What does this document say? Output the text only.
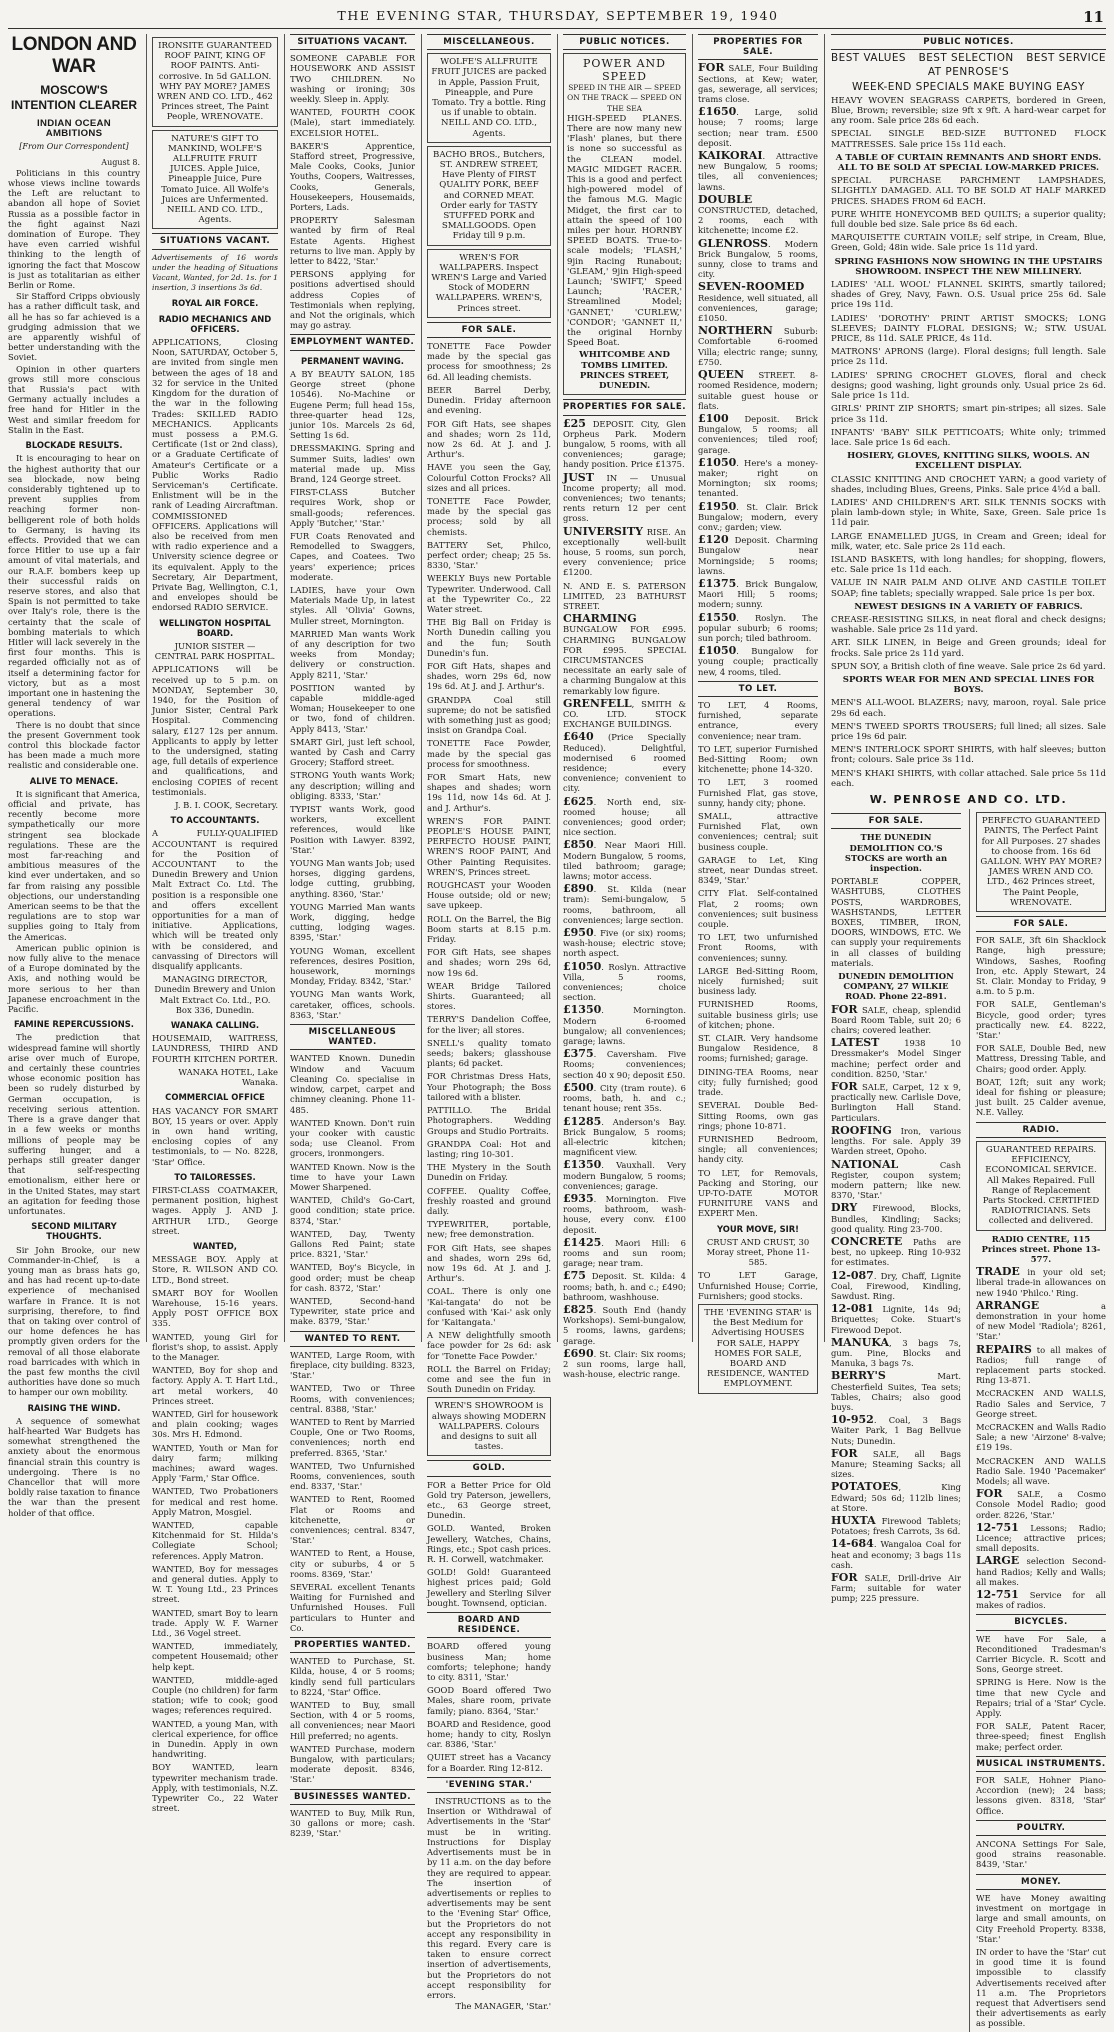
THE EVENING STAR, THURSDAY, SEPTEMBER 19, 1940	11
LONDON AND WAR
MOSCOW'S INTENTION CLEARER
INDIAN OCEAN AMBITIONS
[From Our Correspondent]
August 8.
Politicians in this country whose views incline towards the Left are reluctant to abandon all hope of Soviet Russia as a possible factor in the fight against Nazi domination of Europe. They have even carried wishful thinking to the length of ignoring the fact that Moscow is just as totalitarian as either Berlin or Rome.
Sir Stafford Cripps obviously has a rather difficult task, and all he has so far achieved is a grudging admission that we are apparently wishful of better understanding with the Soviet.
Opinion in other quarters grows still more conscious that Russia's pact with Germany actually includes a free hand for Hitler in the West and similar freedom for Stalin in the East.
BLOCKADE RESULTS.
It is encouraging to hear on the highest authority that our sea blockade, now being considerably tightened up to prevent supplies from reaching former non-belligerent role of both holds to Germany, is having its effects. Provided that we can force Hitler to use up a fair amount of vital materials, and our R.A.F. bombers keep up their successful raids on reserve stores, and also that Spain is not permitted to take over Italy's role, there is the certainty that the scale of bombing materials to which Hitler will lack severely in the first four months. This is regarded officially not as of itself a determining factor for victory, but as a most important one in hastening the general tendency of war operations.
There is no doubt that since the present Government took control this blockade factor has been made a much more realistic and considerable one.
ALIVE TO MENACE.
It is significant that America, official and private, has recently become more sympathetically our more stringent sea blockade regulations. These are the most far-reaching and ambitious measures of the kind ever undertaken, and so far from raising any possible objections, our understanding American seems to be that the regulations are to stop war supplies going to Italy from the Americas.
American public opinion is now fully alive to the menace of a Europe dominated by the Axis, and nothing would be more serious to her than Japanese encroachment in the Pacific.
FAMINE REPERCUSSIONS.
The prediction that widespread famine will shortly arise over much of Europe, and certainly these countries whose economic position has been so rudely disturbed by German occupation, is receiving serious attention. There is a grave danger that in a few weeks or months millions of people may be suffering hunger, and a perhaps still greater danger that self-respecting emotionalism, either here or in the United States, may start an agitation for feeding those unfortunates.
SECOND MILITARY THOUGHTS.
Sir John Brooke, our new Commander-in-Chief, is a young man as brass hats go, and has had recent up-to-date experience of mechanised warfare in France. It is not surprising, therefore, to find that on taking over control of our home defences he has promptly given orders for the removal of all those elaborate road barricades with which in the past few months the civil authorities have done so much to hamper our own mobility.
RAISING THE WIND.
A sequence of somewhat half-hearted War Budgets has somewhat strengthened the anxiety about the enormous financial strain this country is undergoing. There is no Chancellor that will more boldly raise taxation to finance the war than the present holder of that office.
IRONSITE GUARANTEED ROOF PAINT, KING OF ROOF PAINTS. Anti-corrosive. In 5d GALLON. WHY PAY MORE? JAMES WREN AND CO. LTD., 462 Princes street, The Paint People, WRENOVATE.
NATURE'S GIFT TO MANKIND, WOLFE'S ALLFRUITE FRUIT JUICES. Apple Juice, Pineapple Juice, Pure Tomato Juice. All Wolfe's Juices are Unfermented. NEILL AND CO. LTD., Agents.
SITUATIONS VACANT.
Advertisements of 16 words under the heading of Situations Vacant, Wanted, for 2d. 1s. for 1 insertion, 3 insertions 3s 6d.
ROYAL AIR FORCE.
RADIO MECHANICS AND OFFICERS.
APPLICATIONS, Closing Noon, SATURDAY, October 5, are invited from single men between the ages of 18 and 32 for service in the United Kingdom for the duration of the war in the following Trades: SKILLED RADIO MECHANICS. Applicants must possess a P.M.G. Certificate (1st or 2nd class), or a Graduate Certificate of Amateur's Certificate or a Public Works Radio Serviceman's Certificate. Enlistment will be in the rank of Leading Aircraftman. COMMISSIONED OFFICERS. Applications will also be received from men with radio experience and a University science degree or its equivalent. Apply to the Secretary, Air Department, Private Bag, Wellington, C.1, and envelopes should be endorsed RADIO SERVICE.
WELLINGTON HOSPITAL BOARD.
JUNIOR SISTER — CENTRAL PARK HOSPITAL.
APPLICATIONS will be received up to 5 p.m. on MONDAY, September 30, 1940, for the Position of Junior Sister, Central Park Hospital. Commencing salary, £127 12s per annum. Applicants to apply by letter to the undersigned, stating age, full details of experience and qualifications, and enclosing COPIES of recent testimonials.
J. B. I. COOK, Secretary.
TO ACCOUNTANTS.
A FULLY-QUALIFIED ACCOUNTANT is required for the Position of ACCOUNTANT to the Dunedin Brewery and Union Malt Extract Co. Ltd. The position is a responsible one and offers excellent opportunities for a man of initiative. Applications, which will be treated only with be considered, and canvassing of Directors will disqualify applicants.
MANAGING DIRECTOR, Dunedin Brewery and Union Malt Extract Co. Ltd., P.O. Box 336, Dunedin.
WANAKA CALLING.
HOUSEMAID, WAITRESS, LAUNDRESS, THIRD AND FOURTH KITCHEN PORTER.
WANAKA HOTEL, Lake Wanaka.
COMMERCIAL OFFICE
HAS VACANCY FOR SMART BOY, 15 years or over. Apply in own hand writing, enclosing copies of any testimonials, to — No. 8228, 'Star' Office.
TO TAILORESSES.
FIRST-CLASS COATMAKER, permanent position, highest wages. Apply J. AND J. ARTHUR LTD., George street.
WANTED,
MESSAGE BOY. Apply at Store, R. WILSON AND CO. LTD., Bond street.
SMART BOY for Woollen Warehouse, 15-16 years. Apply POST OFFICE BOX 335.
WANTED, young Girl for florist's shop, to assist. Apply to the Manager.
WANTED, Boy for shop and factory. Apply A. T. Hart Ltd., art metal workers, 40 Princes street.
WANTED, Girl for housework and plain cooking; wages 30s. Mrs H. Edmond.
WANTED, Youth or Man for dairy farm; milking machines; award wages. Apply 'Farm,' Star Office.
WANTED, Two Probationers for medical and rest home. Apply Matron, Mosgiel.
WANTED, capable Kitchenmaid for St. Hilda's Collegiate School; references. Apply Matron.
WANTED, Boy for messages and general duties. Apply to W. T. Young Ltd., 23 Princes street.
WANTED, smart Boy to learn trade. Apply W. F. Warner Ltd., 36 Vogel street.
WANTED, immediately, competent Housemaid; other help kept.
WANTED, middle-aged Couple (no children) for farm station; wife to cook; good wages; references required.
WANTED, a young Man, with clerical experience, for office in Dunedin. Apply in own handwriting.
BOY WANTED, learn typewriter mechanism trade. Apply, with testimonials, N.Z. Typewriter Co., 22 Water street.
SITUATIONS VACANT.
SOMEONE CAPABLE FOR HOUSEWORK AND ASSIST TWO CHILDREN. No washing or ironing; 30s weekly. Sleep in. Apply.
WANTED, FOURTH COOK (Male), start immediately. EXCELSIOR HOTEL.
BAKER'S Apprentice, Stafford street, Progressive, Male Cooks, Cooks, Junior Youths, Coopers, Waitresses, Cooks, Generals, Housekeepers, Housemaids, Porters, Lads.
PROPERTY Salesman wanted by firm of Real Estate Agents. Highest returns to live man. Apply by letter to 8422, 'Star.'
PERSONS applying for positions advertised should address Copies of Testimonials when replying, and Not the originals, which may go astray.
EMPLOYMENT WANTED.
PERMANENT WAVING.
A BY BEAUTY SALON, 185 George street (phone 10546). No-Machine or Eugene Perm; full head 15s, three-quarter head 12s, junior 10s. Marcels 2s 6d, Setting 1s 6d.
DRESSMAKING. Spring and Summer Suits, ladies' own material made up. Miss Brand, 124 George street.
FIRST-CLASS Butcher requires Work, shop or small-goods; references. Apply 'Butcher,' 'Star.'
FUR Coats Renovated and Remodelled to Swaggers, Capes, and Coatees. Two years' experience; prices moderate.
LADIES, have your Own Materials Made Up, in latest styles. All 'Olivia' Gowns, Muller street, Mornington.
MARRIED Man wants Work of any description for two weeks from Monday; delivery or construction. Apply 8211, 'Star.'
POSITION wanted by capable middle-aged Woman; Housekeeper to one or two, fond of children. Apply 8413, 'Star.'
SMART Girl, just left school, wanted by Cash and Carry Grocery; Stafford street.
STRONG Youth wants Work; any description; willing and obliging. 8333, 'Star.'
TYPIST wants Work, good workers, excellent references, would like Position with Lawyer. 8392, 'Star.'
YOUNG Man wants Job; used horses, digging gardens, lodge cutting, grubbing, anything. 8360, 'Star.'
YOUNG Married Man wants Work, digging, hedge cutting, lodging wages. 8395, 'Star.'
YOUNG Woman, excellent references, desires Position, housework, mornings Monday, Friday. 8342, 'Star.'
YOUNG Man wants Work, caretaker, offices, schools. 8363, 'Star.'
MISCELLANEOUS WANTED.
WANTED Known. Dunedin Window and Vacuum Cleaning Co. specialise in window, carpet, carpet and chimney cleaning. Phone 11-485.
WANTED Known. Don't ruin your cooker with caustic soda; use Cleanol. From grocers, ironmongers.
WANTED Known. Now is the time to have your Lawn Mower Sharpened.
WANTED, Child's Go-Cart, good condition; state price. 8374, 'Star.'
WANTED, Day, Twenty Gallons Red Paint; state price. 8321, 'Star.'
WANTED, Boy's Bicycle, in good order; must be cheap for cash. 8372, 'Star.'
WANTED, Second-hand Typewriter, state price and make. 8379, 'Star.'
WANTED TO RENT.
WANTED, Large Room, with fireplace, city building. 8323, 'Star.'
WANTED, Two or Three Rooms, with conveniences; central. 8388, 'Star.'
WANTED to Rent by Married Couple, One or Two Rooms, conveniences; north end preferred. 8365, 'Star.'
WANTED, Two Unfurnished Rooms, conveniences, south end. 8337, 'Star.'
WANTED to Rent, Roomed Flat or Rooms and kitchenette, or conveniences; central. 8347, 'Star.'
WANTED to Rent, a House, city or suburbs, 4 or 5 rooms. 8369, 'Star.'
SEVERAL excellent Tenants Waiting for Furnished and Unfurnished Houses. Full particulars to Hunter and Co.
PROPERTIES WANTED.
WANTED to Purchase, St. Kilda, house, 4 or 5 rooms; kindly send full particulars to 8224, 'Star' Office.
WANTED to Buy, small Section, with 4 or 5 rooms, all conveniences; near Maori Hill preferred; no agents.
WANTED Purchase, modern Bungalow, with particulars; moderate deposit. 8346, 'Star.'
BUSINESSES WANTED.
WANTED to Buy, Milk Run, 30 gallons or more; cash. 8239, 'Star.'
MISCELLANEOUS.
WOLFE'S ALLFRUITE FRUIT JUICES are packed in Apple, Passion Fruit, Pineapple, and Pure Tomato. Try a bottle. Ring us if unable to obtain. NEILL AND CO. LTD., Agents.
BACHO BROS., Butchers, ST. ANDREW STREET, Have Plenty of FIRST QUALITY PORK, BEEF and CORNED MEAT. Order early for TASTY STUFFED PORK and SMALLGOODS. Open Friday till 9 p.m.
WREN'S FOR WALLPAPERS. Inspect WREN'S Large and Varied Stock of MODERN WALLPAPERS. WREN'S, Princes street.
FOR SALE.
TONETTE Face Powder made by the special gas process for smoothness; 2s 6d. All leading chemists.
BEER Barrel Derby, Dunedin. Friday afternoon and evening.
FOR Gift Hats, see shapes and shades; worn 2s 11d, now 2s 6d. At J. and J. Arthur's.
HAVE you seen the Gay, Colourful Cotton Frocks? All sizes and all prices.
TONETTE Face Powder, made by the special gas process; sold by all chemists.
BATTERY Set, Philco, perfect order; cheap; 25 5s. 8330, 'Star.'
WEEKLY Buys new Portable Typewriter. Underwood. Call at the Typewriter Co., 22 Water street.
THE Big Ball on Friday is North Dunedin calling you and the fun; South Dunedin's fun.
FOR Gift Hats, shapes and shades, worn 29s 6d, now 19s 6d. At J. and J. Arthur's.
GRANDPA Coal still supreme; do not be satisfied with something just as good; insist on Grandpa Coal.
TONETTE Face Powder, made by the special gas process for smoothness.
FOR Smart Hats, new shapes and shades; worn 19s 11d, now 14s 6d. At J. and J. Arthur's.
WREN'S FOR PAINT. PEOPLE'S HOUSE PAINT, PERFECTO HOUSE PAINT, WREN'S ROOF PAINT, And Other Painting Requisites. WREN'S, Princes street.
ROUGHCAST your Wooden House outside; old or new; save upkeep.
ROLL On the Barrel, the Big Boom starts at 8.15 p.m. Friday.
FOR Gift Hats, see shapes and shades; worn 29s 6d, now 19s 6d.
WEAR Bridge Tailored Shirts. Guaranteed; all stores.
TERRY'S Dandelion Coffee, for the liver; all stores.
SNELL's quality tomato seeds; bakers; glasshouse plants; 6d packet.
FOR Christmas Dress Hats, Your Photograph; the Boss tailored with a blister.
PATTILLO. The Bridal Photographers. Wedding Groups and Studio Portraits.
GRANDPA Coal: Hot and lasting; ring 10-301.
THE Mystery in the South Dunedin on Friday.
COFFEE. Quality Coffee, freshly roasted and ground daily.
TYPEWRITER, portable, new; free demonstration.
FOR Gift Hats, see shapes and shades, worn 29s 6d, now 19s 6d. At J. and J. Arthur's.
COAL. There is only one 'Kai-tangata' do not be confused with 'Kai-' ask only for 'Kaitangata.'
A NEW delightfully smooth face powder for 2s 6d: ask for 'Tonette Face Powder.'
ROLL the Barrel on Friday; come and see the fun in South Dunedin on Friday.
WREN'S SHOWROOM is always showing MODERN WALLPAPERS. Colours and designs to suit all tastes.
GOLD.
FOR a Better Price for Old Gold try Paterson, jewellers, etc., 63 George street, Dunedin.
GOLD. Wanted, Broken Jewellery, Watches, Chains, Rings, etc.; Spot cash prices. R. H. Corwell, watchmaker.
GOLD! Gold! Guaranteed highest prices paid; Gold Jewellery and Sterling Silver bought. Townsend, optician.
BOARD AND RESIDENCE.
BOARD offered young business Man; home comforts; telephone; handy to city. 8311, 'Star.'
GOOD Board offered Two Males, share room, private family; piano. 8364, 'Star.'
BOARD and Residence, good home; handy to city, Roslyn car. 8386, 'Star.'
QUIET street has a Vacancy for a Boarder. Ring 12-812.
'EVENING STAR.'
INSTRUCTIONS as to the Insertion or Withdrawal of Advertisements in the 'Star' must be in writing. Instructions for Display Advertisements must be in by 11 a.m. on the day before they are required to appear. The insertion of advertisements or replies to advertisements may be sent to the 'Evening Star' Office, but the Proprietors do not accept any responsibility in this regard. Every care is taken to ensure correct insertion of advertisements, but the Proprietors do not accept responsibility for errors.
The MANAGER, 'Star.'
PUBLIC NOTICES.
POWER AND SPEED
SPEED IN THE AIR — SPEED ON THE TRACK — SPEED ON THE SEA
HIGH-SPEED PLANES. There are now many new 'Flash' planes, but there is none so successful as the CLEAN model. MAGIC MIDGET RACER. This is a good and perfect high-powered model of the famous M.G. Magic Midget, the first car to attain the speed of 100 miles per hour. HORNBY SPEED BOATS. True-to-scale models; 'FLASH,' 9jin Racing Runabout; 'GLEAM,' 9jin High-speed Launch; 'SWIFT,' Speed Launch; 'RACER,' Streamlined Model; 'GANNET,' 'CURLEW,' 'CONDOR'; 'GANNET II,' the original Hornby Speed Boat.
WHITCOMBE AND TOMBS LIMITED. PRINCES STREET, DUNEDIN.
PROPERTIES FOR SALE.
£25 DEPOSIT. City, Glen Orpheus Park. Modern bungalow, 5 rooms, with all conveniences; garage; handy position. Price £1375.
JUST IN — Unusual Income property; all mod. conveniences; two tenants; rents return 12 per cent gross.
UNIVERSITY RISE. An exceptionally well-built house, 5 rooms, sun porch, every convenience; price £1200.
N. AND E. S. PATERSON LIMITED, 23 BATHURST STREET.
CHARMING BUNGALOW FOR £995. CHARMING BUNGALOW FOR £995. SPECIAL CIRCUMSTANCES necessitate an early sale of a charming Bungalow at this remarkably low figure.
GRENFELL, SMITH & CO. LTD. STOCK EXCHANGE BUILDINGS.
£640 (Price Specially Reduced). Delightful, modernised 6 roomed residence; every convenience; convenient to city.
£625. North end, six-roomed house; all conveniences; good order; nice section.
£850. Near Maori Hill. Modern Bungalow, 5 rooms, tiled bathroom; garage; lawns; motor access.
£890. St. Kilda (near tram): Semi-bungalow, 5 rooms, bathroom, all conveniences; large section.
£950. Five (or six) rooms; wash-house; electric stove; north aspect.
£1050. Roslyn. Attractive Villa, 5 rooms, conveniences; choice section.
£1350. Mornington. Modern 6-roomed bungalow; all conveniences; garage; lawns.
£375. Caversham. Five Rooms; conveniences; section 40 x 90; deposit £50.
£500. City (tram route). 6 rooms, bath, h. and c.; tenant house; rent 35s.
£1285. Anderson's Bay. Brick Bungalow, 5 rooms; all-electric kitchen; magnificent view.
£1350. Vauxhall. Very modern Bungalow, 5 rooms; conveniences; garage.
£935. Mornington. Five rooms, bathroom, wash-house, every conv. £100 deposit.
£1425. Maori Hill: 6 rooms and sun room; garage; near tram.
£75 Deposit. St. Kilda: 4 rooms; bath, h. and c.; £490; bathroom, washhouse.
£825. South End (handy Workshops). Semi-bungalow, 5 rooms, lawns, gardens; garage.
£690. St. Clair: Six rooms; 2 sun rooms, large hall, wash-house, electric range.
PROPERTIES FOR SALE.
FOR SALE, Four Building Sections, at Kew; water, gas, sewerage, all services; trams close.
£1650. Large, solid house; 7 rooms; large section; near tram. £500 deposit.
KAIKORAI. Attractive new Bungalow, 5 rooms; tiles, all conveniences; lawns.
DOUBLE CONSTRUCTED, detached, 2 rooms, each with kitchenette; income £2.
GLENROSS. Modern Brick Bungalow, 5 rooms, sunny, close to trams and city.
SEVEN-ROOMED Residence, well situated, all conveniences, garage; £1050.
NORTHERN Suburb: Comfortable 6-roomed Villa; electric range; sunny, £750.
QUEEN STREET. 8-roomed Residence, modern; suitable guest house or flats.
£100 Deposit. Brick Bungalow, 5 rooms; all conveniences; tiled roof; garage.
£1050. Here's a money-maker; right on Mornington; six rooms; tenanted.
£1950. St. Clair. Brick Bungalow; modern, every conv.; garden; view.
£120 Deposit. Charming Bungalow near Morningside; 5 rooms; lawns.
£1375. Brick Bungalow, Maori Hill; 5 rooms; modern; sunny.
£1550. Roslyn. The popular suburb; 6 rooms; sun porch; tiled bathroom.
£1050. Bungalow for young couple; practically new, 4 rooms, tiled.
TO LET.
TO LET, 4 Rooms, furnished, separate entrance, every convenience; near tram.
TO LET, superior Furnished Bed-Sitting Room; own kitchenette; phone 14-320.
TO LET, 3 roomed Furnished Flat, gas stove, sunny, handy city; phone.
SMALL, attractive Furnished Flat, own conveniences; central; suit business couple.
GARAGE to Let, King street, near Dundas street. 8349, 'Star.'
CITY Flat. Self-contained Flat, 2 rooms; own conveniences; suit business couple.
TO LET, two unfurnished Front Rooms, with conveniences; sunny.
LARGE Bed-Sitting Room, nicely furnished; suit business lady.
FURNISHED Rooms, suitable business girls; use of kitchen; phone.
ST. CLAIR. Very handsome Bungalow Residence, 8 rooms; furnished; garage.
DINING-TEA Rooms, near city; fully furnished; good trade.
SEVERAL Double Bed-Sitting Rooms, own gas rings; phone 10-871.
FURNISHED Bedroom, single; all conveniences; handy city.
TO LET, for Removals, Packing and Storing, our UP-TO-DATE MOTOR FURNITURE VANS and EXPERT Men.
YOUR MOVE, SIR!
CRUST AND CRUST, 30 Moray street, Phone 11-585.
TO LET Garage, Unfurnished House; Corrie, Furnishers; good stocks.
THE 'EVENING STAR' is the Best Medium for Advertising HOUSES FOR SALE, HAPPY HOMES FOR SALE, BOARD AND RESIDENCE, WANTED EMPLOYMENT.
PUBLIC NOTICES.
BEST VALUES BEST SELECTION BEST SERVICE
AT PENROSE'S
WEEK-END SPECIALS MAKE BUYING EASY
HEAVY WOVEN SEAGRASS CARPETS, bordered in Green, Blue, Brown; reversible; size 9ft x 9ft. A hard-wear carpet for any room. Sale price 28s 6d each.
SPECIAL SINGLE BED-SIZE BUTTONED FLOCK MATTRESSES. Sale price 15s 11d each.
A TABLE OF CURTAIN REMNANTS AND SHORT ENDS. ALL TO BE SOLD AT SPECIAL LOW-MARKED PRICES.
SPECIAL PURCHASE PARCHMENT LAMPSHADES, SLIGHTLY DAMAGED. ALL TO BE SOLD AT HALF MARKED PRICES. SHADES FROM 6d EACH.
PURE WHITE HONEYCOMB BED QUILTS; a superior quality; full double bed size. Sale price 8s 6d each.
MARQUISETTE CURTAIN VOILE; self stripe, in Cream, Blue, Green, Gold; 48in wide. Sale price 1s 11d yard.
SPRING FASHIONS NOW SHOWING IN THE UPSTAIRS SHOWROOM. INSPECT THE NEW MILLINERY.
LADIES' 'ALL WOOL' FLANNEL SKIRTS, smartly tailored; shades of Grey, Navy, Fawn. O.S. Usual price 25s 6d. Sale price 19s 11d.
LADIES' 'DOROTHY' PRINT ARTIST SMOCKS; LONG SLEEVES; DAINTY FLORAL DESIGNS; W.; STW. USUAL PRICE, 8s 11d. SALE PRICE, 4s 11d.
MATRONS' APRONS (large). Floral designs; full length. Sale price 2s 11d.
LADIES' SPRING CROCHET GLOVES, floral and check designs; good washing, light grounds only. Usual price 2s 6d. Sale price 1s 11d.
GIRLS' PRINT ZIP SHORTS; smart pin-stripes; all sizes. Sale price 3s 11d.
INFANTS' 'BABY' SILK PETTICOATS; White only; trimmed lace. Sale price 1s 6d each.
HOSIERY, GLOVES, KNITTING SILKS, WOOLS. AN EXCELLENT DISPLAY.
CLASSIC KNITTING AND CROCHET YARN; a good variety of shades, including Blues, Greens, Pinks. Sale price 4½d a ball.
LADIES' AND CHILDREN'S ART. SILK TENNIS SOCKS with plain lamb-down style; in White, Saxe, Green. Sale price 1s 11d pair.
LARGE ENAMELLED JUGS, in Cream and Green; ideal for milk, water, etc. Sale price 2s 11d each.
ISLAND BASKETS, with long handles; for shopping, flowers, etc. Sale price 1s 11d each.
VALUE IN NAIR PALM AND OLIVE AND CASTILE TOILET SOAP; fine tablets; specially wrapped. Sale price 1s per box.
NEWEST DESIGNS IN A VARIETY OF FABRICS.
CREASE-RESISTING SILKS, in neat floral and check designs; washable. Sale price 2s 11d yard.
ART. SILK LINEN, in Beige and Green grounds; ideal for frocks. Sale price 2s 11d yard.
SPUN SOY, a British cloth of fine weave. Sale price 2s 6d yard.
SPORTS WEAR FOR MEN AND SPECIAL LINES FOR BOYS.
MEN'S ALL-WOOL BLAZERS; navy, maroon, royal. Sale price 29s 6d each.
MEN'S TWEED SPORTS TROUSERS; full lined; all sizes. Sale price 19s 6d pair.
MEN'S INTERLOCK SPORT SHIRTS, with half sleeves; button front; colours. Sale price 3s 11d.
MEN'S KHAKI SHIRTS, with collar attached. Sale price 5s 11d each.
W. PENROSE AND CO. LTD.
FOR SALE.
THE DUNEDIN DEMOLITION CO.'S STOCKS are worth an inspection.
PORTABLE COPPER, WASHTUBS, CLOTHES POSTS, WARDROBES, WASHSTANDS, LETTER BOXES, TIMBER, IRON, DOORS, WINDOWS, ETC. We can supply your requirements in all classes of building materials.
DUNEDIN DEMOLITION COMPANY, 27 WILKIE ROAD. Phone 22-891.
FOR SALE, cheap, splendid Board Room Table, suit 20; 6 chairs; covered leather.
LATEST 1938 10 Dressmaker's Model Singer machine; perfect order and condition. 8250, 'Star.'
FOR SALE, Carpet, 12 x 9, practically new. Carlisle Dove, Burlington Hall Stand. Particulars.
ROOFING Iron, various lengths. For sale. Apply 39 Warden street, Opoho.
NATIONAL Cash Register, coupon system; modern pattern; like new. 8370, 'Star.'
DRY Firewood, Blocks, Bundles, Kindling; Sacks; good quality. Ring 23-700.
CONCRETE Paths are best, no upkeep. Ring 10-932 for estimates.
12-087. Dry, Chaff, Lignite Coal, Firewood, Kindling, Sawdust. Ring.
12-081 Lignite, 14s 9d; Briquettes; Coke. Stuart's Firewood Depot.
MANUKA, 3 bags 7s, gum. Pine, Blocks and Manuka, 3 bags 7s.
BERRY'S Mart. Chesterfield Suites, Tea sets; Tables, Chairs; also good buys.
10-952. Coal, 3 Bags Waiter Park, 1 Bag Bellvue Nuts; Dunedin.
FOR SALE, all Bags Manure; Steaming Sacks; all sizes.
POTATOES, King Edward; 50s 6d; 112lb lines; at Store.
HUXTA Firewood Tablets; Potatoes; fresh Carrots, 3s 6d.
14-684. Wangaloa Coal for heat and economy; 3 bags 11s cash.
FOR SALE, Drill-drive Air Farm; suitable for water pump; 225 pressure.
PERFECTO GUARANTEED PAINTS, The Perfect Paint for All Purposes. 27 shades to choose from. 16s 6d GALLON. WHY PAY MORE? JAMES WREN AND CO. LTD., 462 Princes street, The Paint People, WRENOVATE.
FOR SALE.
FOR SALE, 3ft 6in Shacklock Range, high pressure; Windows, Sashes, Roofing Iron, etc. Apply Stewart, 24 St. Clair. Monday to Friday, 9 a.m. to 5 p.m.
FOR SALE, Gentleman's Bicycle, good order; tyres practically new. £4. 8222, 'Star.'
FOR SALE, Double Bed, new Mattress, Dressing Table, and Chairs; good order. Apply.
BOAT, 12ft; suit any work; ideal for fishing or pleasure; just built. 25 Calder avenue, N.E. Valley.
RADIO.
GUARANTEED REPAIRS. EFFICIENCY, ECONOMICAL SERVICE. All Makes Repaired. Full Range of Replacement Parts Stocked. CERTIFIED RADIOTRICIANS. Sets collected and delivered.
RADIO CENTRE, 115 Princes street. Phone 13-577.
TRADE in your old set; liberal trade-in allowances on new 1940 'Philco.' Ring.
ARRANGE a demonstration in your home of new Model 'Radiola'; 8261, 'Star.'
REPAIRS to all makes of Radios; full range of replacement parts stocked. Ring 13-871.
McCRACKEN AND WALLS, Radio Sales and Service, 7 George street.
McCRACKEN and Walls Radio Sale; a new 'Airzone' 8-valve; £19 19s.
McCRACKEN AND WALLS Radio Sale. 1940 'Pacemaker' Models; all wave.
FOR SALE, a Cosmo Console Model Radio; good order. 8226, 'Star.'
12-751 Lessons; Radio; Licence; attractive prices; small deposits.
LARGE selection Second-hand Radios; Kelly and Walls; all makes.
12-751 Service for all makes of radios.
BICYCLES.
WE have For Sale, a Reconditioned Tradesman's Carrier Bicycle. R. Scott and Sons, George street.
SPRING is Here. Now is the time that new Cycle and Repairs; trial of a 'Star' Cycle. Apply.
FOR SALE, Patent Racer, three-speed; finest English make; perfect order.
MUSICAL INSTRUMENTS.
FOR SALE, Hohner Piano-Accordion (new); 24 bass; lessons given. 8318, 'Star' Office.
POULTRY.
ANCONA Settings For Sale, good strains reasonable. 8439, 'Star.'
MONEY.
WE have Money awaiting investment on mortgage in large and small amounts, on City Freehold Property. 8338, 'Star.'
IN order to have the 'Star' cut in good time it is found impossible to classify Advertisements received after 11 a.m. The Proprietors request that Advertisers send their advertisements as early as possible.
